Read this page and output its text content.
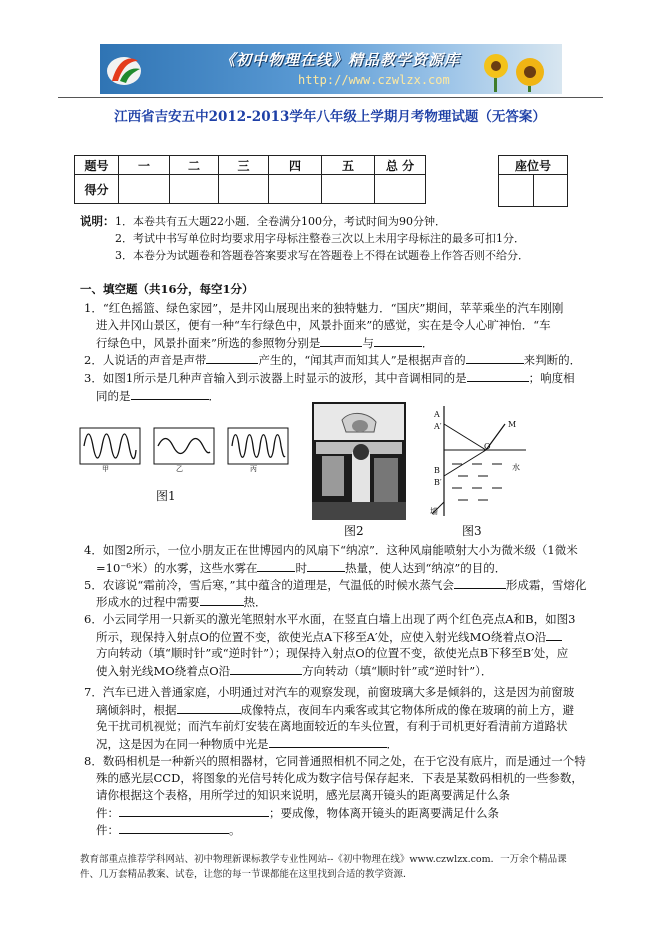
《初中物理在线》精品教学资源库
http://www.czwlzx.com
江西省吉安五中2012-2013学年八年级上学期月考物理试题（无答案）
题号	一	二	三	四	五	总 分
得分						
座位号

说明： 1．本卷共有五大题22小题．全卷满分100分，考试时间为90分钟．
2．考试中书写单位时均要求用字母标注整卷三次以上未用字母标注的最多可扣1分．
3．本卷分为试题卷和答题卷答案要求写在答题卷上不得在试题卷上作答否则不给分．
一、填空题（共16分，每空1分）
1．“红色摇篮、绿色家园”，是井冈山展现出来的独特魅力．“国庆”期间，苹苹乘坐的汽车刚刚
进入井冈山景区，便有一种“车行绿色中，风景扑面来”的感觉，实在是令人心旷神怡．“车
行绿色中，风景扑面来”所选的参照物分别是	与	．
2．人说话的声音是声带	产生的，“闻其声而知其人”是根据声音的	来判断的．
3．如图1所示是几种声音输入到示波器上时显示的波形，其中音调相同的是	；响度相
同的是	．
甲	乙	丙
图1
图2
A
A′
B
B′
M
O
水
墙
图3
4．如图2所示，一位小朋友正在世博园内的风扇下“纳凉”．这种风扇能喷射大小为微米级（1微米
=10⁻⁶米）的水雾，这些水雾在	时	热量，使人达到“纳凉”的目的．
5．农谚说“霜前冷，雪后寒，”其中蕴含的道理是，气温低的时候水蒸气会	形成霜，雪熔化
形成水的过程中需要	热．
6．小云同学用一只新买的激光笔照射水平水面，在竖直白墙上出现了两个红色亮点A和B，如图3
所示，现保持入射点O的位置不变，欲使光点A下移至A′处，应使入射光线MO绕着点O沿
方向转动（填“顺时针”或“逆时针”）；现保持入射点O的位置不变，欲使光点B下移至B′处，应
使入射光线MO绕着点O沿	方向转动（填“顺时针”或“逆时针”）．
7．汽车已进入普通家庭，小明通过对汽车的观察发现，前窗玻璃大多是倾斜的，这是因为前窗玻
璃倾斜时，根据	成像特点，夜间车内乘客或其它物体所成的像在玻璃的前上方，避
免干扰司机视觉；而汽车前灯安装在离地面较近的车头位置，有利于司机更好看清前方道路状
况，这是因为在同一种物质中光是	．
8．数码相机是一种新兴的照相器材，它同普通照相机不同之处，在于它没有底片，而是通过一个特
殊的感光层CCD，将图象的光信号转化成为数字信号保存起来．下表是某数码相机的一些参数，
请你根据这个表格，用所学过的知识来说明，感光层离开镜头的距离要满足什么条
件：	；要成像，物体离开镜头的距离要满足什么条
件：	。
教育部重点推荐学科网站、初中物理新课标教学专业性网站--《初中物理在线》www.czwlzx.com．一万余个精品课
件、几万套精品教案、试卷，让您的每一节课都能在这里找到合适的教学资源．
